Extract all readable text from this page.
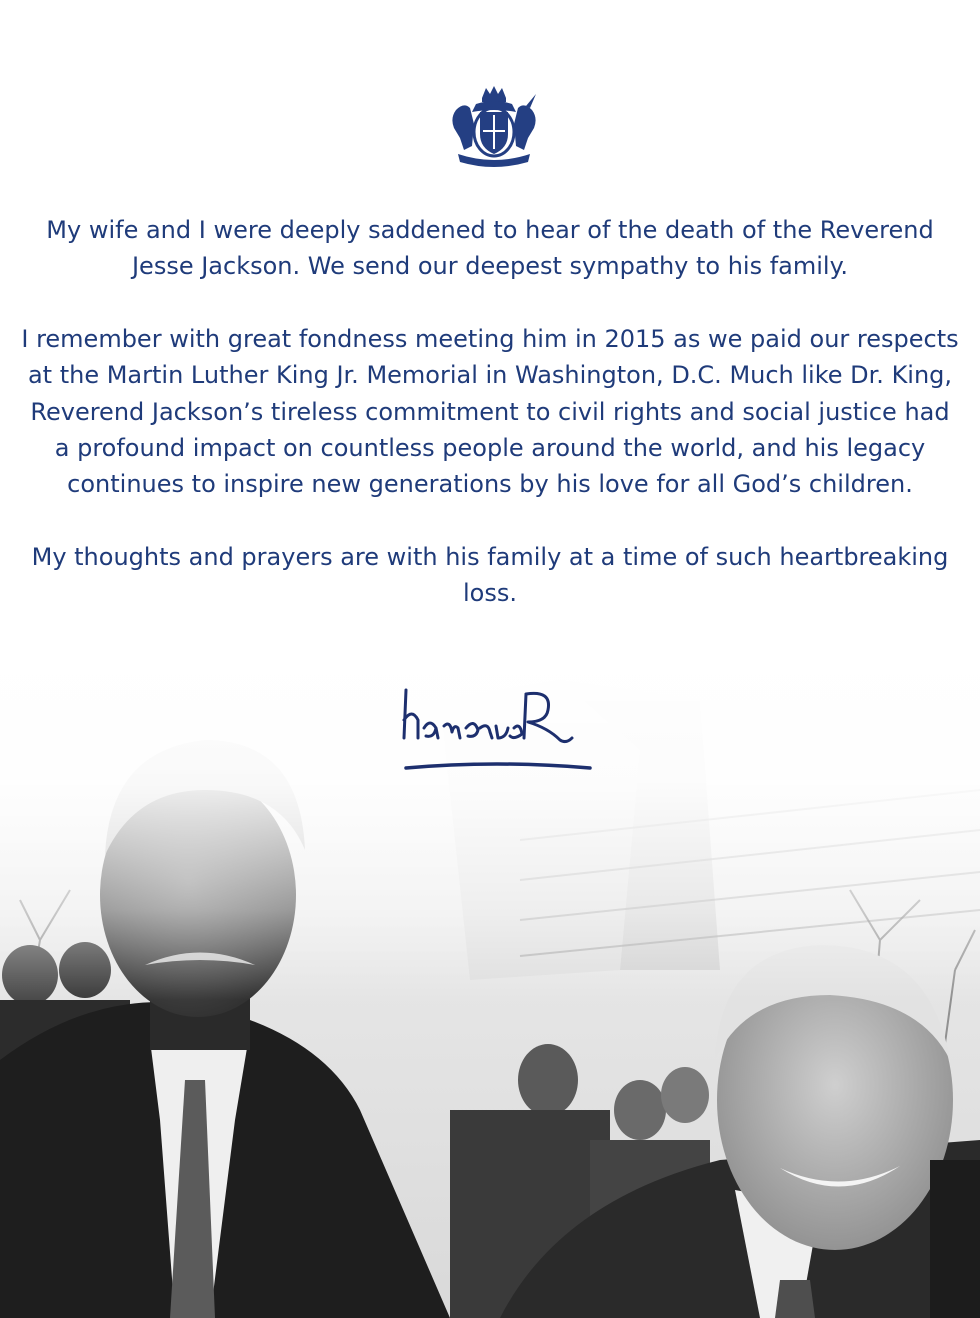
My wife and I were deeply saddened to hear of the death of the Reverend Jesse Jackson. We send our deepest sympathy to his family.

I remember with great fondness meeting him in 2015 as we paid our respects at the Martin Luther King Jr. Memorial in Washington, D.C. Much like Dr. King, Reverend Jackson’s tireless commitment to civil rights and social justice had a profound impact on countless people around the world, and his legacy continues to inspire new generations by his love for all God’s children.

My thoughts and prayers are with his family at a time of such heartbreaking loss.
